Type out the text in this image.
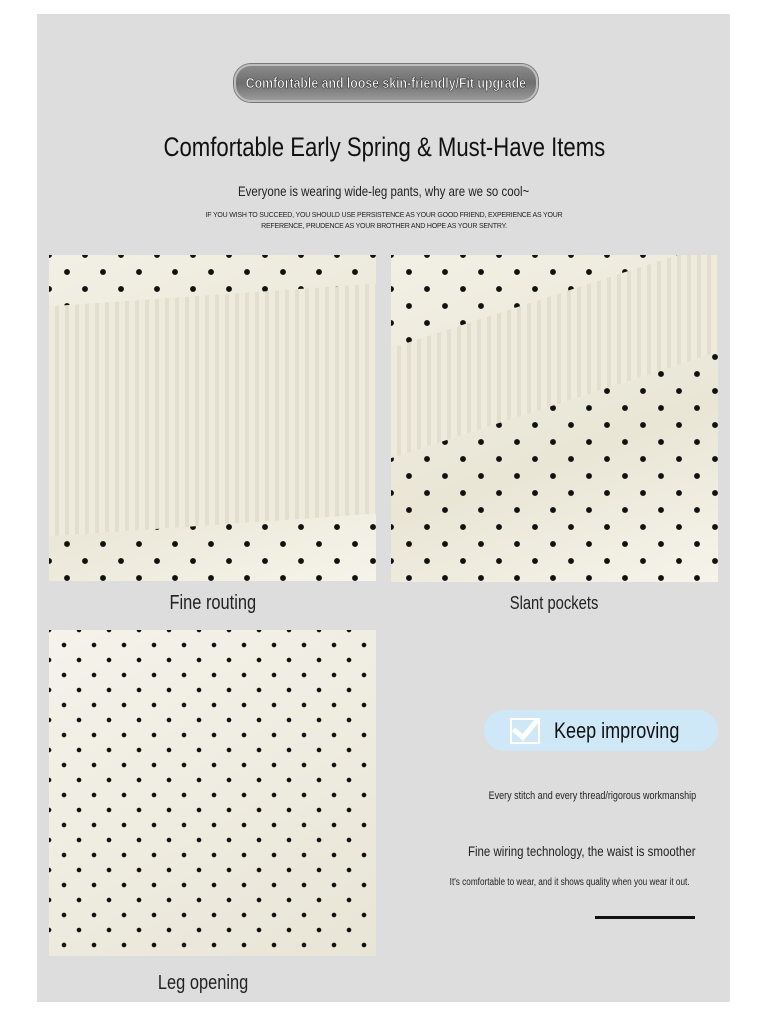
Comfortable and loose skin-friendly/Fit upgrade
Comfortable Early Spring & Must-Have Items
Everyone is wearing wide-leg pants, why are we so cool~
IF YOU WISH TO SUCCEED, YOU SHOULD USE PERSISTENCE AS YOUR GOOD FRIEND, EXPERIENCE AS YOUR REFERENCE, PRUDENCE AS YOUR BROTHER AND HOPE AS YOUR SENTRY.
Fine routing	Slant pockets
Leg opening
Keep improving
Every stitch and every thread/rigorous workmanship
Fine wiring technology, the waist is smoother
It's comfortable to wear, and it shows quality when you wear it out.
